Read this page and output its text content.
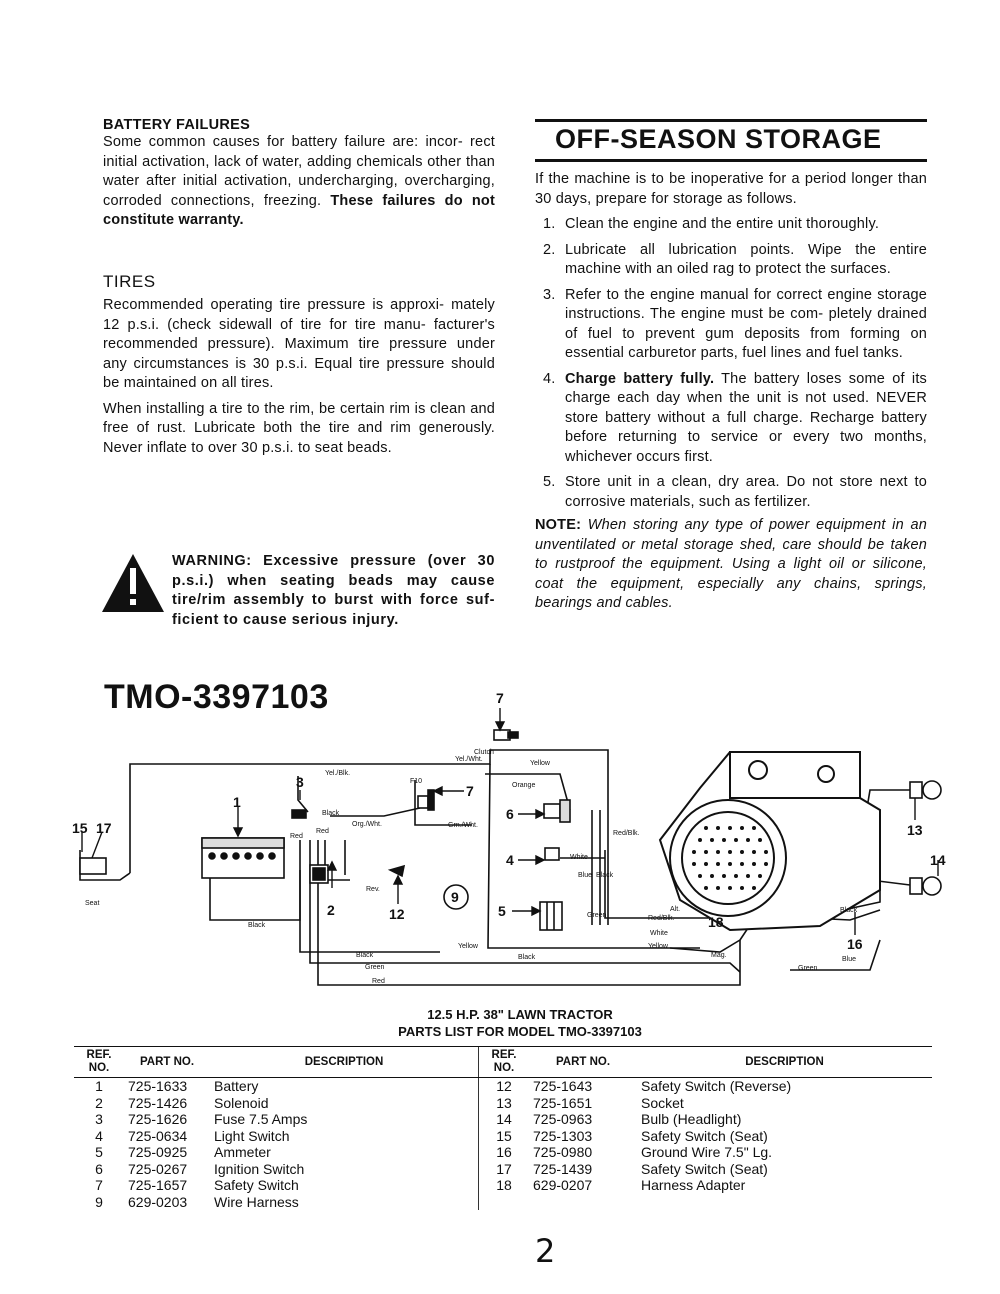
BATTERY FAILURES
Some common causes for battery failure are: incor- rect initial activation, lack of water, adding chemicals other than water after initial activation, undercharging, overcharging, corroded connections, freezing. These failures do not constitute warranty.
TIRES
Recommended operating tire pressure is approxi- mately 12 p.s.i. (check sidewall of tire for tire manu- facturer's recommended pressure). Maximum tire pressure under any circumstances is 30 p.s.i. Equal tire pressure should be maintained on all tires.
When installing a tire to the rim, be certain rim is clean and free of rust. Lubricate both the tire and rim generously. Never inflate to over 30 p.s.i. to seat beads.
WARNING: Excessive pressure (over 30 p.s.i.) when seating beads may cause tire/rim assembly to burst with force suf- ficient to cause serious injury.
OFF-SEASON STORAGE
If the machine is to be inoperative for a period longer than 30 days, prepare for storage as follows.
1. Clean the engine and the entire unit thoroughly.
2. Lubricate all lubrication points. Wipe the entire machine with an oiled rag to protect the surfaces.
3. Refer to the engine manual for correct engine storage instructions. The engine must be com- pletely drained of fuel to prevent gum deposits from forming on essential carburetor parts, fuel lines and fuel tanks.
4. Charge battery fully. The battery loses some of its charge each day when the unit is not used. NEVER store battery without a full charge. Recharge battery before returning to service or every two months, whichever occurs first.
5. Store unit in a clean, dry area. Do not store next to corrosive materials, such as fertilizer.
NOTE: When storing any type of power equipment in an unventilated or metal storage shed, care should be taken to rustproof the equipment. Using a light oil or silicone, coat the equipment, especially any chains, springs, bearings and cables.
TMO-3397103
1
2
3
4
5
6
7
7
9
12
13
14
15
16
17
18
Yel./Blk.
Yel./Wht.
Clutch
Yellow
Orange
F10
Black
Red
Red
Org./Wht.	Grn./Wht.
White
Red/Blk.
Blue
Green
Black
Alt.
Red/Blk.
White
Yellow	Yellow
Mag.
Black
Blue
Green
Black
Black
Green
Red
Seat
Rev.
Black
12.5 H.P. 38" LAWN TRACTOR
PARTS LIST FOR MODEL TMO-3397103
REF. NO.	PART NO.	DESCRIPTION	REF. NO.	PART NO.	DESCRIPTION
1	725-1633	Battery	12	725-1643	Safety Switch (Reverse)
2	725-1426	Solenoid	13	725-1651	Socket
3	725-1626	Fuse 7.5 Amps	14	725-0963	Bulb (Headlight)
4	725-0634	Light Switch	15	725-1303	Safety Switch (Seat)
5	725-0925	Ammeter	16	725-0980	Ground Wire 7.5" Lg.
6	725-0267	Ignition Switch	17	725-1439	Safety Switch (Seat)
7	725-1657	Safety Switch	18	629-0207	Harness Adapter
9	629-0203	Wire Harness			
2
